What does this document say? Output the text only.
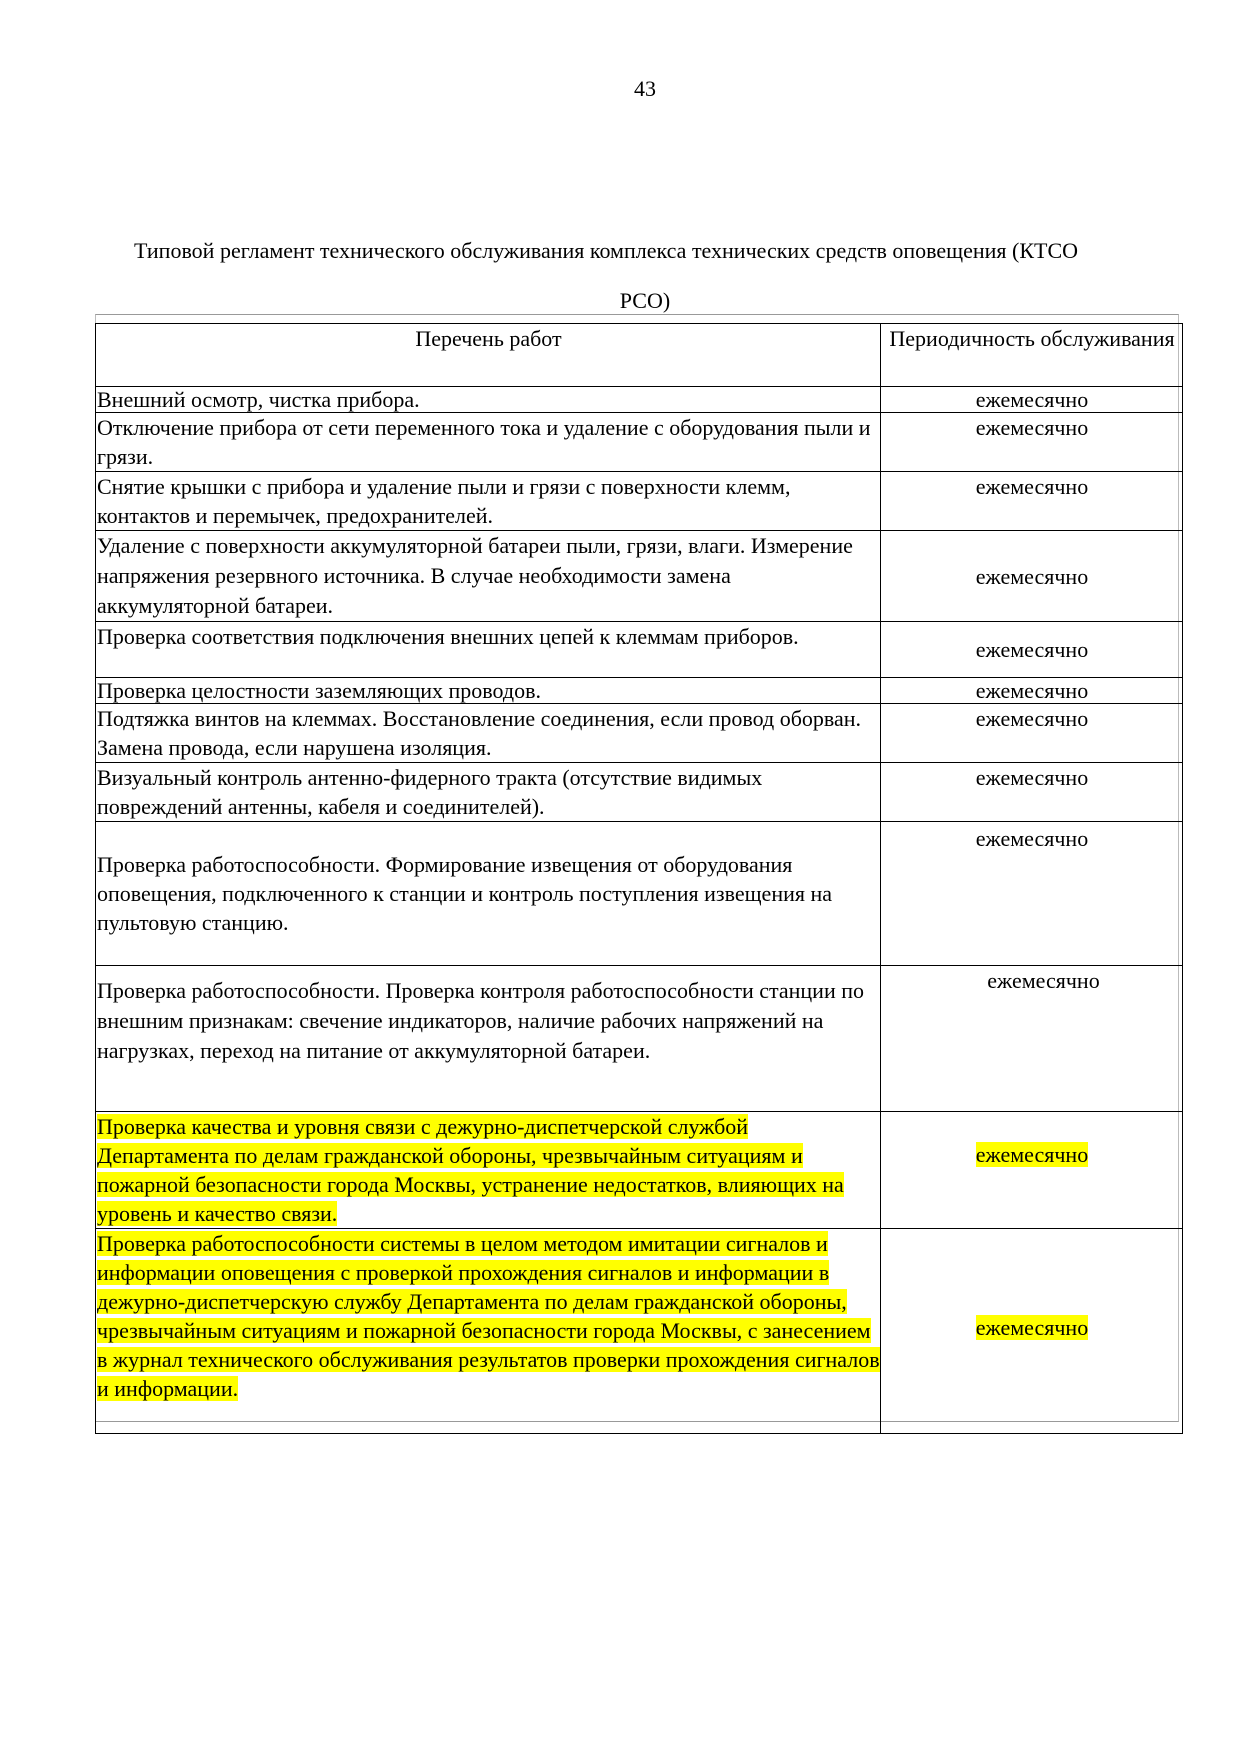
43
Типовой регламент технического обслуживания комплекса технических средств оповещения (КТСО
РСО)
Перечень работ	Периодичность обслуживания
Внешний осмотр, чистка прибора.	ежемесячно
Отключение прибора от сети переменного тока и удаление с оборудования пыли и грязи.	ежемесячно
Снятие крышки с прибора и удаление пыли и грязи с поверхности клемм, контактов и перемычек, предохранителей.	ежемесячно
Удаление с поверхности аккумуляторной батареи пыли, грязи, влаги. Измерение напряжения резервного источника. В случае необходимости замена аккумуляторной батареи.	ежемесячно
Проверка соответствия подключения внешних цепей к клеммам приборов.	ежемесячно
Проверка целостности заземляющих проводов.	ежемесячно
Подтяжка винтов на клеммах. Восстановление соединения, если провод оборван. Замена провода, если нарушена изоляция.	ежемесячно
Визуальный контроль антенно-фидерного тракта (отсутствие видимых повреждений антенны, кабеля и соединителей).	ежемесячно
Проверка работоспособности. Формирование извещения от оборудования оповещения, подключенного к станции и контроль поступления извещения на пультовую станцию.	ежемесячно
Проверка работоспособности. Проверка контроля работоспособности станции по внешним признакам: свечение индикаторов, наличие рабочих напряжений на нагрузках, переход на питание от аккумуляторной батареи.	ежемесячно
Проверка качества и уровня связи с дежурно-диспетчерской службой Департамента по делам гражданской обороны, чрезвычайным ситуациям и пожарной безопасности города Москвы, устранение недостатков, влияющих на уровень и качество связи.	ежемесячно
Проверка работоспособности системы в целом методом имитации сигналов и информации оповещения с проверкой прохождения сигналов и информации в дежурно-диспетчерскую службу Департамента по делам гражданской обороны, чрезвычайным ситуациям и пожарной безопасности города Москвы, с занесением в журнал технического обслуживания результатов проверки прохождения сигналов и информации.	ежемесячно
